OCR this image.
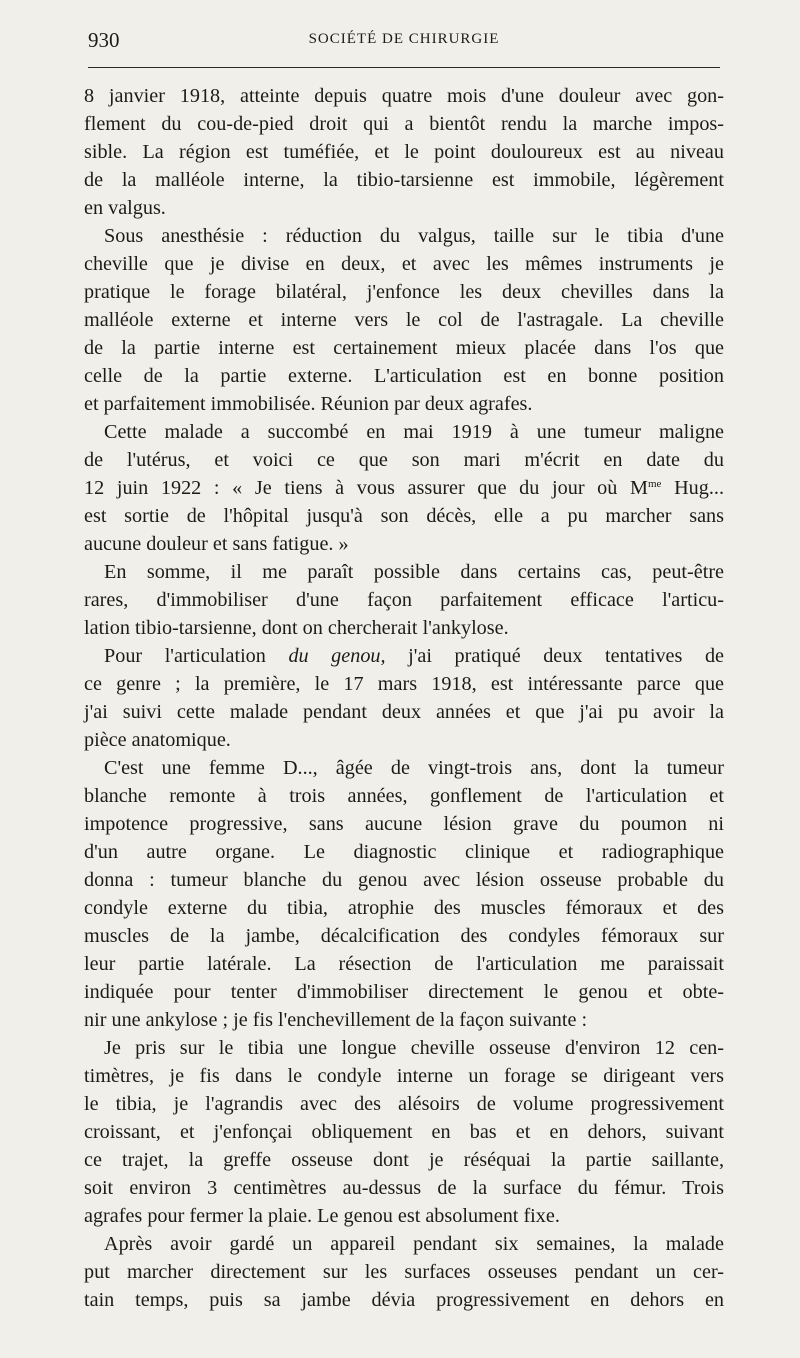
930	SOCIÉTÉ DE CHIRURGIE
8 janvier 1918, atteinte depuis quatre mois d'une douleur avec gon-
flement du cou-de-pied droit qui a bientôt rendu la marche impos-
sible. La région est tuméfiée, et le point douloureux est au niveau
de la malléole interne, la tibio-tarsienne est immobile, légèrement
en valgus.
Sous anesthésie : réduction du valgus, taille sur le tibia d'une
cheville que je divise en deux, et avec les mêmes instruments je
pratique le forage bilatéral, j'enfonce les deux chevilles dans la
malléole externe et interne vers le col de l'astragale. La cheville
de la partie interne est certainement mieux placée dans l'os que
celle de la partie externe. L'articulation est en bonne position
et parfaitement immobilisée. Réunion par deux agrafes.
Cette malade a succombé en mai 1919 à une tumeur maligne
de l'utérus, et voici ce que son mari m'écrit en date du
12 juin 1922 : « Je tiens à vous assurer que du jour où $M^{me}$ Hug...
est sortie de l'hôpital jusqu'à son décès, elle a pu marcher sans
aucune douleur et sans fatigue. »
En somme, il me paraît possible dans certains cas, peut-être
rares, d'immobiliser d'une façon parfaitement efficace l'articu-
lation tibio-tarsienne, dont on chercherait l'ankylose.
Pour l'articulation du genou, j'ai pratiqué deux tentatives de
ce genre ; la première, le 17 mars 1918, est intéressante parce que
j'ai suivi cette malade pendant deux années et que j'ai pu avoir la
pièce anatomique.
C'est une femme D..., âgée de vingt-trois ans, dont la tumeur
blanche remonte à trois années, gonflement de l'articulation et
impotence progressive, sans aucune lésion grave du poumon ni
d'un autre organe. Le diagnostic clinique et radiographique
donna : tumeur blanche du genou avec lésion osseuse probable du
condyle externe du tibia, atrophie des muscles fémoraux et des
muscles de la jambe, décalcification des condyles fémoraux sur
leur partie latérale. La résection de l'articulation me paraissait
indiquée pour tenter d'immobiliser directement le genou et obte-
nir une ankylose ; je fis l'enchevillement de la façon suivante :
Je pris sur le tibia une longue cheville osseuse d'environ 12 cen-
timètres, je fis dans le condyle interne un forage se dirigeant vers
le tibia, je l'agrandis avec des alésoirs de volume progressivement
croissant, et j'enfonçai obliquement en bas et en dehors, suivant
ce trajet, la greffe osseuse dont je réséquai la partie saillante,
soit environ 3 centimètres au-dessus de la surface du fémur. Trois
agrafes pour fermer la plaie. Le genou est absolument fixe.
Après avoir gardé un appareil pendant six semaines, la malade
put marcher directement sur les surfaces osseuses pendant un cer-
tain temps, puis sa jambe dévia progressivement en dehors en
